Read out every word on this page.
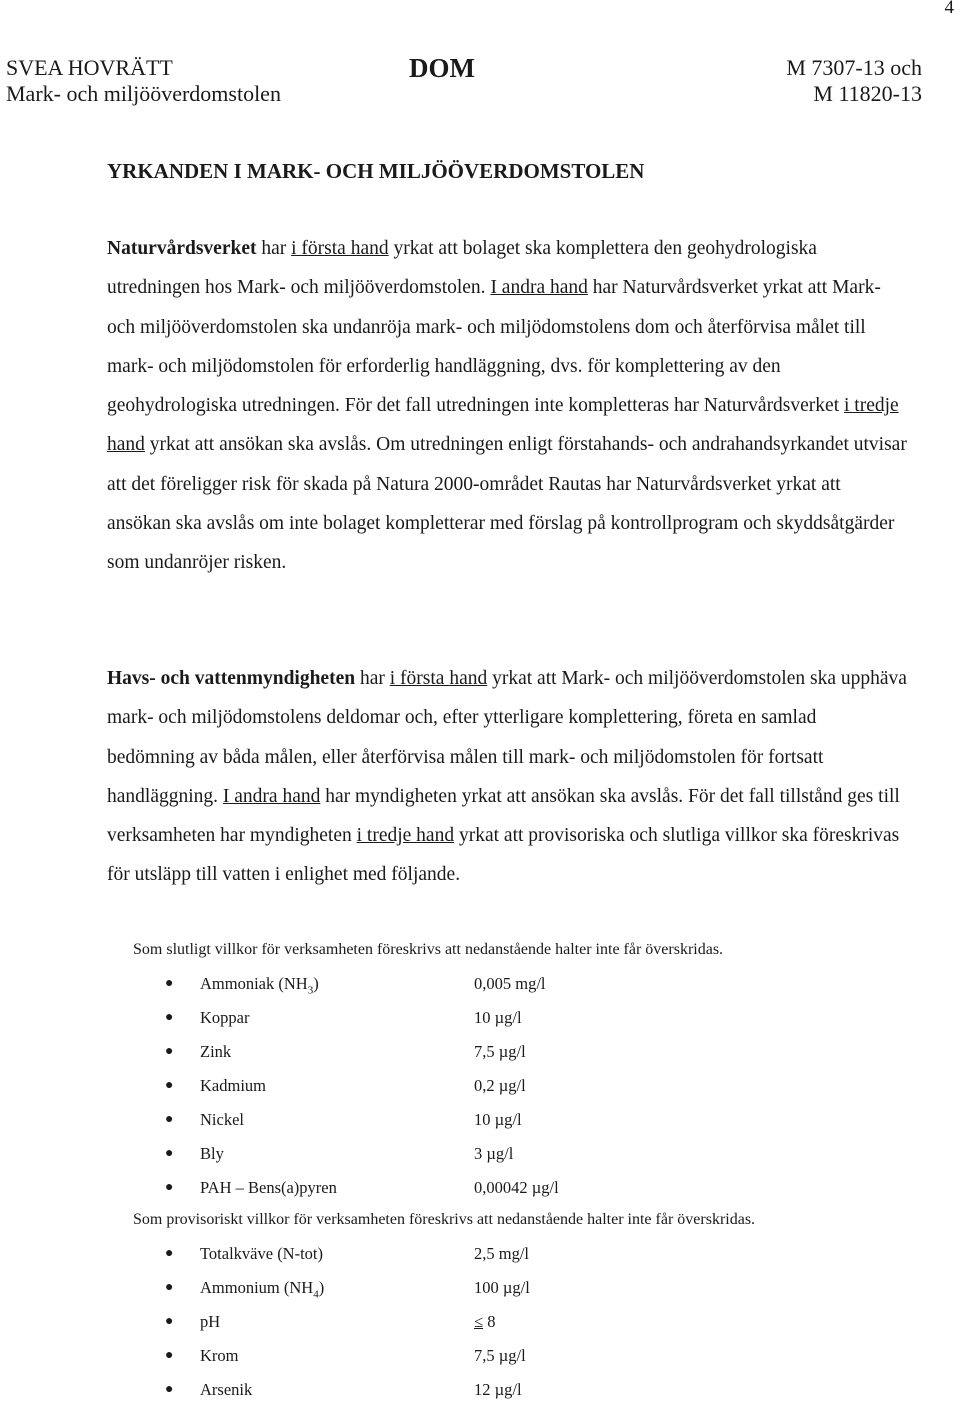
4
SVEA HOVRÄTT
Mark- och miljööverdomstolen
DOM	M 7307-13 och
M 11820-13
YRKANDEN I MARK- OCH MILJÖÖVERDOMSTOLEN
Naturvårdsverket har i första hand yrkat att bolaget ska komplettera den geohydrologiska utredningen hos Mark- och miljööverdomstolen. I andra hand har Naturvårdsverket yrkat att Mark- och miljööverdomstolen ska undanröja mark- och miljödomstolens dom och återförvisa målet till mark- och miljödomstolen för erforderlig handläggning, dvs. för komplettering av den geohydrologiska utredningen. För det fall utredningen inte kompletteras har Naturvårdsverket i tredje hand yrkat att ansökan ska avslås. Om utredningen enligt förstahands- och andrahandsyrkandet utvisar att det föreligger risk för skada på Natura 2000-området Rautas har Naturvårdsverket yrkat att ansökan ska avslås om inte bolaget kompletterar med förslag på kontrollprogram och skyddsåtgärder som undanröjer risken.
Havs- och vattenmyndigheten har i första hand yrkat att Mark- och miljööverdomstolen ska upphäva mark- och miljödomstolens deldomar och, efter ytterligare komplettering, företa en samlad bedömning av båda målen, eller återförvisa målen till mark- och miljödomstolen för fortsatt handläggning. I andra hand har myndigheten yrkat att ansökan ska avslås. För det fall tillstånd ges till verksamheten har myndigheten i tredje hand yrkat att provisoriska och slutliga villkor ska föreskrivas för utsläpp till vatten i enlighet med följande.
Som slutligt villkor för verksamheten föreskrivs att nedanstående halter inte får överskridas.
● Ammoniak $(NH_3)$	0,005 mg/l
● Koppar	10 µg/l
● Zink	7,5 µg/l
● Kadmium	0,2 µg/l
● Nickel	10 µg/l
● Bly	3 µg/l
● PAH – Bens(a)pyren	0,00042 µg/l
Som provisoriskt villkor för verksamheten föreskrivs att nedanstående halter inte får överskridas.
● Totalkväve (N-tot)	2,5 mg/l
● Ammonium $(NH_4)$	100 µg/l
● pH	≤ 8
● Krom	7,5 µg/l
● Arsenik	12 µg/l
